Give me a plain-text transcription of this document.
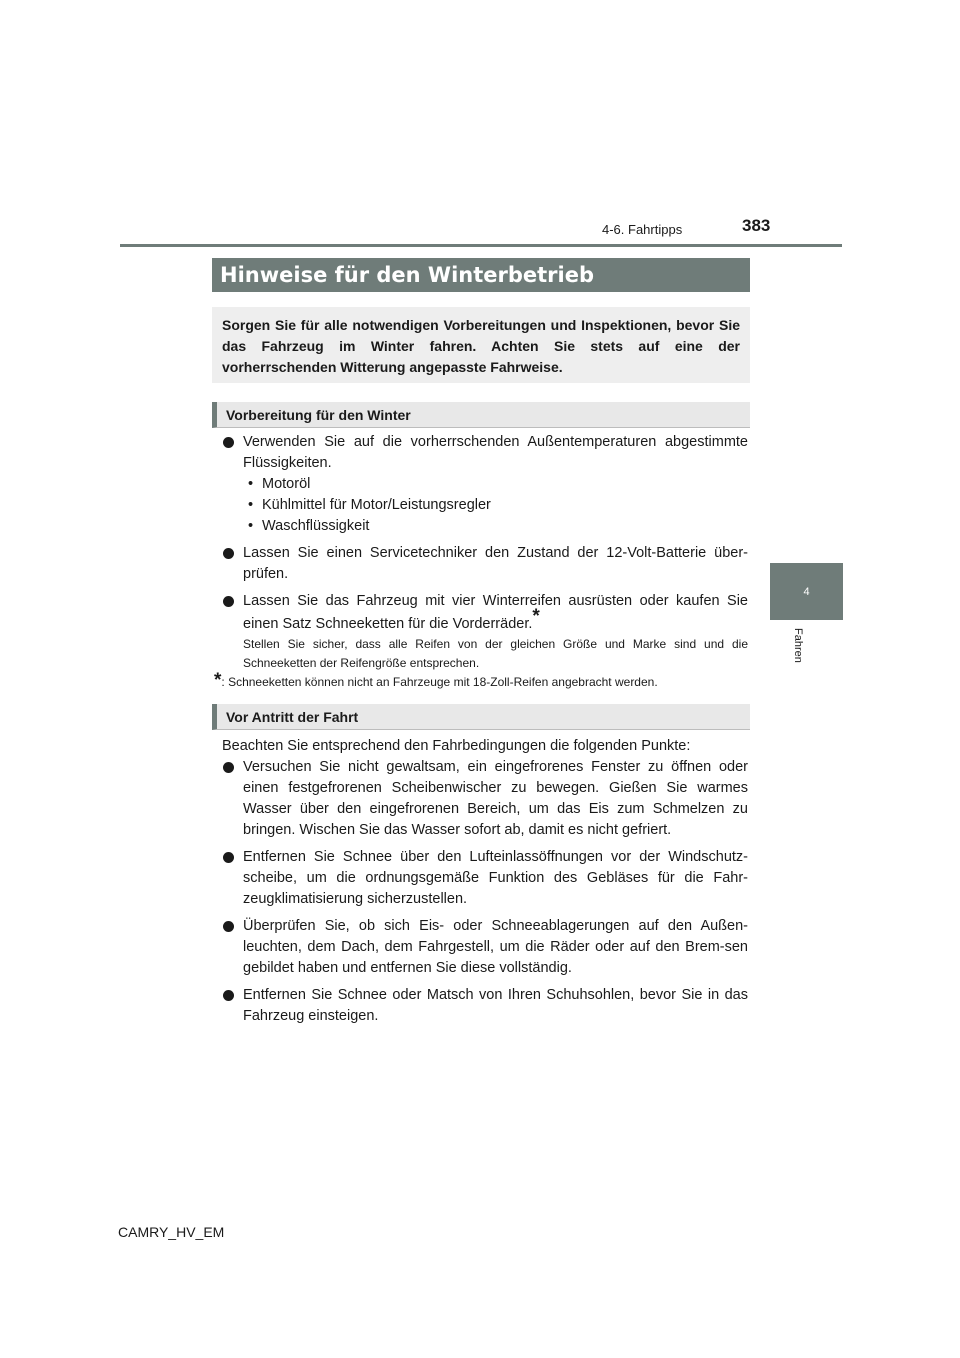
383
4-6. Fahrtipps
4
Fahren
Hinweise für den Winterbetrieb
Sorgen Sie für alle notwendigen Vorbereitungen und Inspektionen, bevor Sie das Fahrzeug im Winter fahren. Achten Sie stets auf eine der vorherrschenden Witterung angepasste Fahrweise.
Vorbereitung für den Winter

Verwenden Sie auf die vorherrschenden Außentemperaturen abgestimmte Flüssigkeiten.

• Motoröl
• Kühlmittel für Motor/Leistungsregler
• Waschflüssigkeit

Lassen Sie einen Servicetechniker den Zustand der 12-Volt-Batterie über-prüfen.

Lassen Sie das Fahrzeug mit vier Winterreifen ausrüsten oder kaufen Sie einen Satz Schneeketten für die Vorderräder.*

Stellen Sie sicher, dass alle Reifen von der gleichen Größe und Marke sind und die Schneeketten der Reifengröße entsprechen.

*: Schneeketten können nicht an Fahrzeuge mit 18-Zoll-Reifen angebracht werden.

Vor Antritt der Fahrt

Beachten Sie entsprechend den Fahrbedingungen die folgenden Punkte:

Versuchen Sie nicht gewaltsam, ein eingefrorenes Fenster zu öffnen oder einen festgefrorenen Scheibenwischer zu bewegen. Gießen Sie warmes Wasser über den eingefrorenen Bereich, um das Eis zum Schmelzen zu bringen. Wischen Sie das Wasser sofort ab, damit es nicht gefriert.

Entfernen Sie Schnee über den Lufteinlassöffnungen vor der Windschutz-scheibe, um die ordnungsgemäße Funktion des Gebläses für die Fahr-zeugklimatisierung sicherzustellen.

Überprüfen Sie, ob sich Eis- oder Schneeablagerungen auf den Außen-leuchten, dem Dach, dem Fahrgestell, um die Räder oder auf den Brem-sen gebildet haben und entfernen Sie diese vollständig.

Entfernen Sie Schnee oder Matsch von Ihren Schuhsohlen, bevor Sie in das Fahrzeug einsteigen.

CAMRY_HV_EM
